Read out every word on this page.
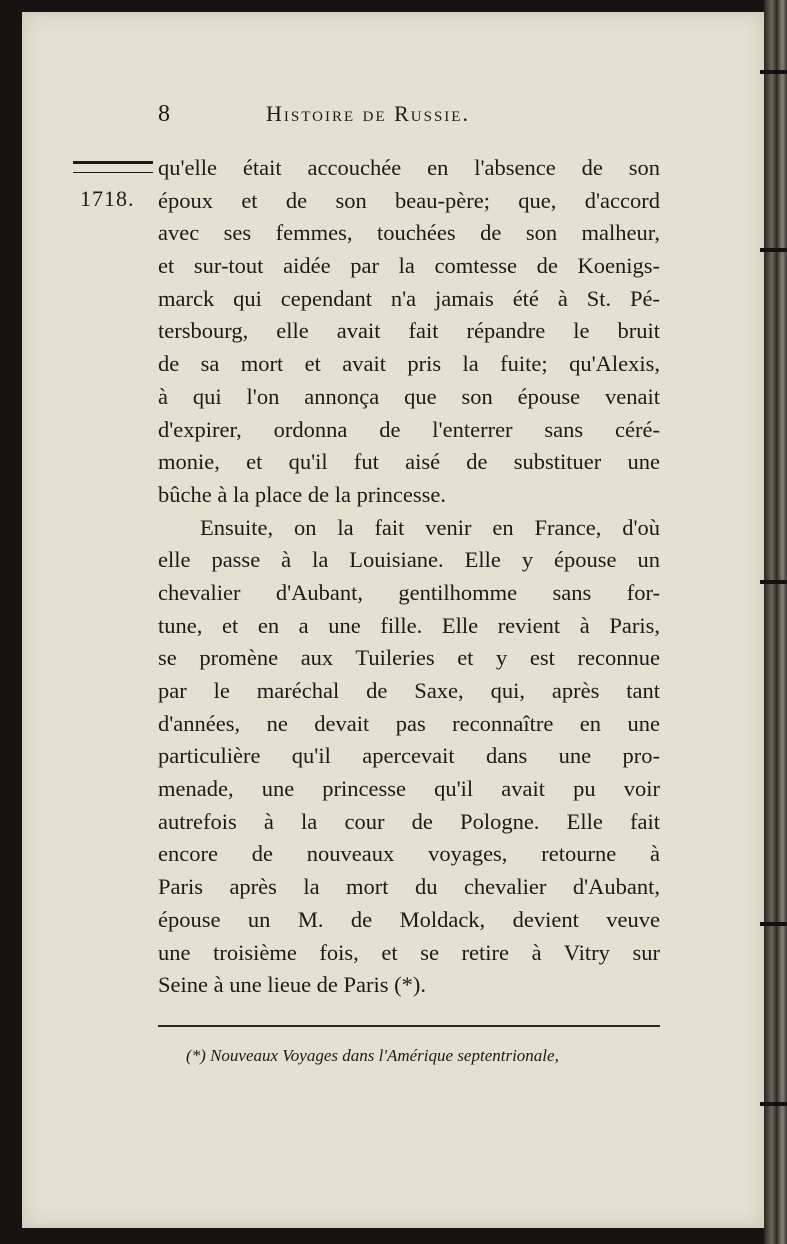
8	Histoire de Russie.
1718.
qu'elle était accouchée en l'absence de son
époux et de son beau-père; que, d'accord
avec ses femmes, touchées de son malheur,
et sur-tout aidée par la comtesse de Koenigs-
marck qui cependant n'a jamais été à St. Pé-
tersbourg, elle avait fait répandre le bruit
de sa mort et avait pris la fuite; qu'Alexis,
à qui l'on annonça que son épouse venait
d'expirer, ordonna de l'enterrer sans céré-
monie, et qu'il fut aisé de substituer une
bûche à la place de la princesse.
Ensuite, on la fait venir en France, d'où
elle passe à la Louisiane. Elle y épouse un
chevalier d'Aubant, gentilhomme sans for-
tune, et en a une fille. Elle revient à Paris,
se promène aux Tuileries et y est reconnue
par le maréchal de Saxe, qui, après tant
d'années, ne devait pas reconnaître en une
particulière qu'il apercevait dans une pro-
menade, une princesse qu'il avait pu voir
autrefois à la cour de Pologne. Elle fait
encore de nouveaux voyages, retourne à
Paris après la mort du chevalier d'Aubant,
épouse un M. de Moldack, devient veuve
une troisième fois, et se retire à Vitry sur
Seine à une lieue de Paris (*).
(*) Nouveaux Voyages dans l'Amérique septentrionale,
